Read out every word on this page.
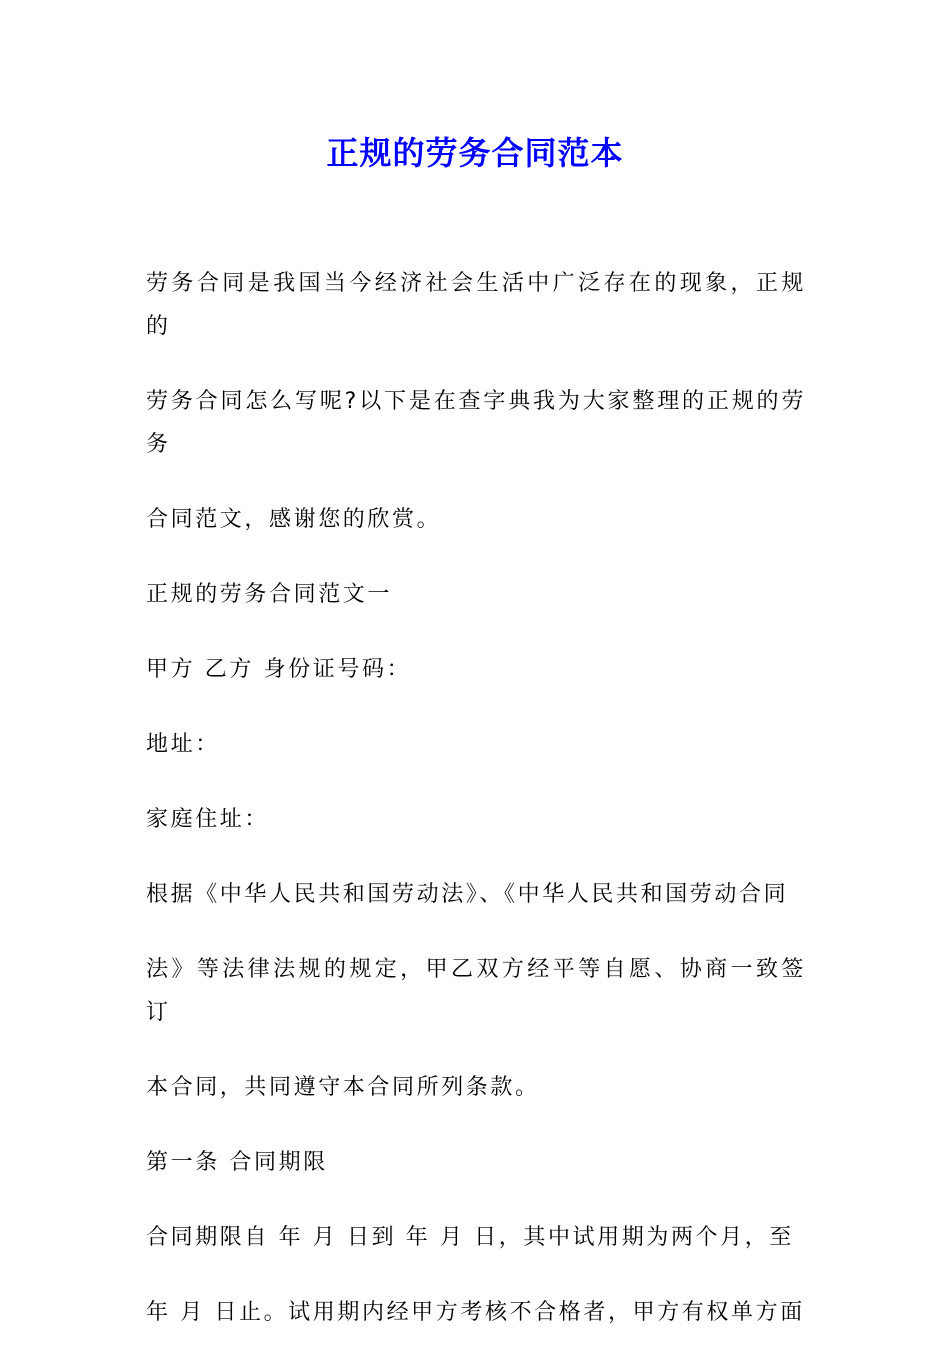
正规的劳务合同范本

劳务合同是我国当今经济社会生活中广泛存在的现象，正规的
劳务合同怎么写呢?以下是在查字典我为大家整理的正规的劳务
合同范文，感谢您的欣赏。

正规的劳务合同范文一

甲方 乙方 身份证号码：

地址：

家庭住址：

根据《中华人民共和国劳动法》、《中华人民共和国劳动合同
法》等法律法规的规定，甲乙双方经平等自愿、协商一致签订
本合同，共同遵守本合同所列条款。

第一条 合同期限

合同期限自 年 月 日到 年 月 日，其中试用期为两个月，至
年 月 日止。试用期内经甲方考核不合格者，甲方有权单方面
